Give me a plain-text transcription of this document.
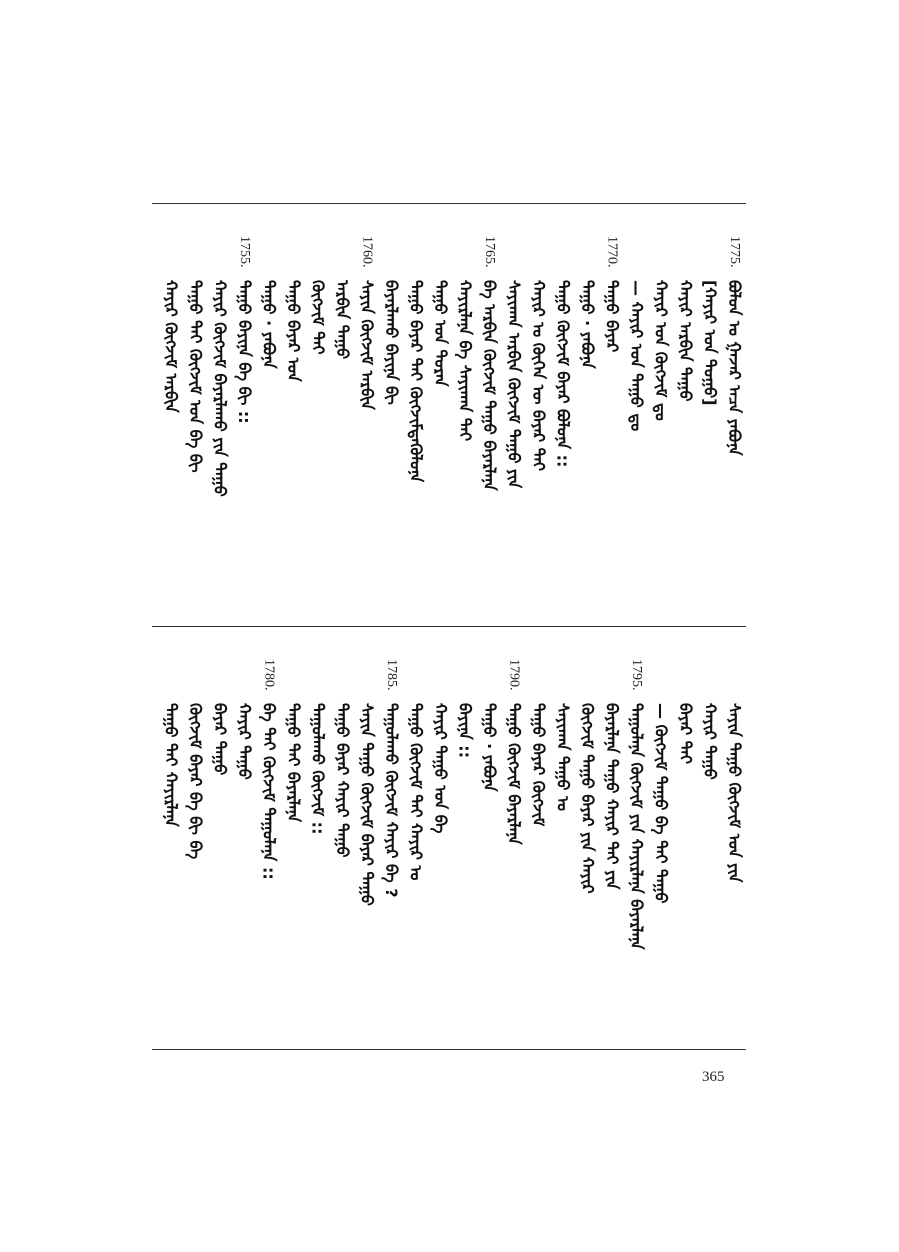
1775.
ᠪᠣᠯᠣᠨ ᠣ ᠭᠠᠵᠠᠷ ᠠᠴᠠ ᠶᠠᠪᠤᠨᠠ
[ᠬᠠᠶᠢᠷ ᠤᠨ ᠳᠤᠭᠤ]
ᠬᠠᠶᠢᠷ ᠠᠷᠪᠢᠨ ᠳᠠᠭᠤ
ᠬᠠᠶᠢᠷ ᠤᠨ ᠬᠥᠭᠵᠢᠮ ᠳᠤ
— ᠬᠠᠶᠢᠷ ᠤᠨ ᠳᠠᠭᠤ ᠳᠤ
1770.
ᠳᠠᠭᠤ ᠪᠠᠶᠠᠷ
ᠳᠠᠭᠤ · ᠶᠠᠪᠤᠨᠠ
ᠳᠠᠭᠤ ᠬᠥᠭᠵᠢᠮ ᠪᠠᠶᠠᠷ ᠪᠣᠯᠤᠨᠠ ::
ᠬᠠᠶᠢᠷ ᠣ ᠬᠥᠬᠡᠨ ᠦ ᠪᠠᠶᠠᠷ ᠲᠠᠢ
ᠰᠠᠶᠢᠬᠠᠨ ᠠᠷᠪᠢᠨ ᠬᠥᠭᠵᠢᠮ ᠳᠠᠭᠤ ᠶᠢᠨ
1765.
ᠪᠠ ᠠᠷᠪᠢᠨ ᠬᠥᠭᠵᠢᠮ ᠳᠠᠭᠤ ᠪᠠᠶᠠᠷᠯᠠᠨᠠ
ᠬᠠᠶᠢᠷᠯᠠᠨᠠ ᠪᠠ ᠰᠠᠶᠢᠬᠠᠨ ᠲᠠᠢ
ᠳᠠᠭᠤ ᠤᠨ ᠳᠤᠷᠠᠨ
ᠳᠠᠭᠤ ᠪᠠᠶᠠᠷ ᠲᠠᠢ ᠬᠥᠭᠵᠢᠮᠳᠡᠭᠦᠯᠦᠨᠡ
ᠪᠠᠶᠠᠷᠯᠠᠬᠤ ᠪᠠᠶᠢᠨᠠ ᠪᠢ
1760.
ᠰᠠᠶᠢᠨ ᠬᠥᠭᠵᠢᠮ ᠠᠷᠪᠢᠨ
ᠠᠷᠪᠢᠨ ᠳᠠᠭᠤ
ᠬᠥᠭᠵᠢᠮ ᠲᠠᠢ
ᠳᠠᠭᠤ ᠪᠠᠶᠠᠷ ᠤᠨ
ᠳᠠᠭᠤ · ᠶᠠᠪᠤᠨᠠ
1755.
ᠳᠠᠭᠤ ᠪᠠᠶᠢᠨᠠ ᠪᠠ ᠪᠢ ::
ᠬᠠᠶᠢᠷ ᠬᠥᠭᠵᠢᠮ ᠪᠠᠶᠠᠷᠯᠠᠬᠤ ᠶᠢᠨ ᠳᠠᠭᠤ
ᠳᠠᠭᠤ ᠲᠠᠢ ᠬᠥᠭᠵᠢᠮ ᠤᠨ ᠪᠠ ᠪᠢ
ᠬᠠᠶᠢᠷ ᠬᠥᠭᠵᠢᠮ ᠠᠷᠪᠢᠨ
ᠰᠠᠶᠢᠨ ᠳᠠᠭᠤ ᠬᠥᠭᠵᠢᠮ ᠤᠨ ᠶᠢᠨ
ᠬᠠᠶᠢᠷ ᠳᠠᠭᠤ
ᠪᠠᠶᠠᠷ ᠲᠠᠢ
— ᠬᠥᠭᠵᠢᠮ ᠳᠠᠭᠤ ᠪᠠ ᠲᠠᠢ ᠳᠠᠭᠤ
1795.
ᠳᠠᠭᠤᠯᠠᠨᠠ ᠬᠥᠭᠵᠢᠮ ᠶᠢᠨ ᠬᠠᠶᠢᠷᠯᠠᠨᠠ ᠪᠠᠶᠠᠷᠯᠠᠨᠠ
ᠪᠠᠶᠠᠷᠯᠠᠨᠠ ᠳᠠᠭᠤ ᠬᠠᠶᠢᠷ ᠲᠠᠢ ᠶᠢᠨ
ᠬᠥᠭᠵᠢᠮ ᠳᠠᠭᠤ ᠪᠠᠶᠠᠷ ᠶᠢᠨ ᠬᠠᠶᠢᠷ
ᠰᠠᠶᠢᠬᠠᠨ ᠳᠠᠭᠤ ᠣ
ᠳᠠᠭᠤ ᠪᠠᠶᠠᠷ ᠬᠥᠭᠵᠢᠮ
1790.
ᠳᠠᠭᠤ ᠬᠥᠭᠵᠢᠮ ᠪᠠᠶᠠᠷᠯᠠᠨᠠ
ᠳᠠᠭᠤ · ᠶᠠᠪᠤᠨᠠ
ᠪᠠᠶᠢᠨᠠ ::
ᠬᠠᠶᠢᠷ ᠳᠠᠭᠤ ᠤᠨ ᠪᠠ
ᠳᠠᠭᠤ ᠬᠥᠭᠵᠢᠮ ᠲᠠᠢ ᠬᠠᠶᠢᠷ ᠣ
1785.
ᠳᠠᠭᠤᠯᠠᠬᠤ ᠬᠥᠭᠵᠢᠮ ᠬᠠᠶᠢᠷ ᠪᠠ ?
ᠰᠠᠶᠢᠨ ᠳᠠᠭᠤ ᠬᠥᠭᠵᠢᠮ ᠪᠠᠶᠠᠷ ᠳᠠᠭᠤ
ᠳᠠᠭᠤ ᠪᠠᠶᠠᠷ ᠬᠠᠶᠢᠷ ᠳᠠᠭᠤ
ᠳᠠᠭᠤᠯᠠᠬᠤ ᠬᠥᠭᠵᠢᠮ ::
ᠳᠠᠭᠤ ᠲᠠᠢ ᠪᠠᠶᠠᠷᠯᠠᠨᠠ
1780.
ᠪᠠ ᠲᠠᠢ ᠬᠥᠭᠵᠢᠮ ᠳᠠᠭᠤᠯᠠᠨᠠ ::
ᠬᠠᠶᠢᠷ ᠳᠠᠭᠤ
ᠪᠠᠶᠠᠷ ᠳᠠᠭᠤ
ᠬᠥᠭᠵᠢᠮ ᠪᠠᠶᠠᠷ ᠪᠠ ᠪᠢ ᠪᠠ
ᠳᠠᠭᠤ ᠲᠠᠢ ᠬᠠᠶᠢᠷᠯᠠᠨᠠ
365
